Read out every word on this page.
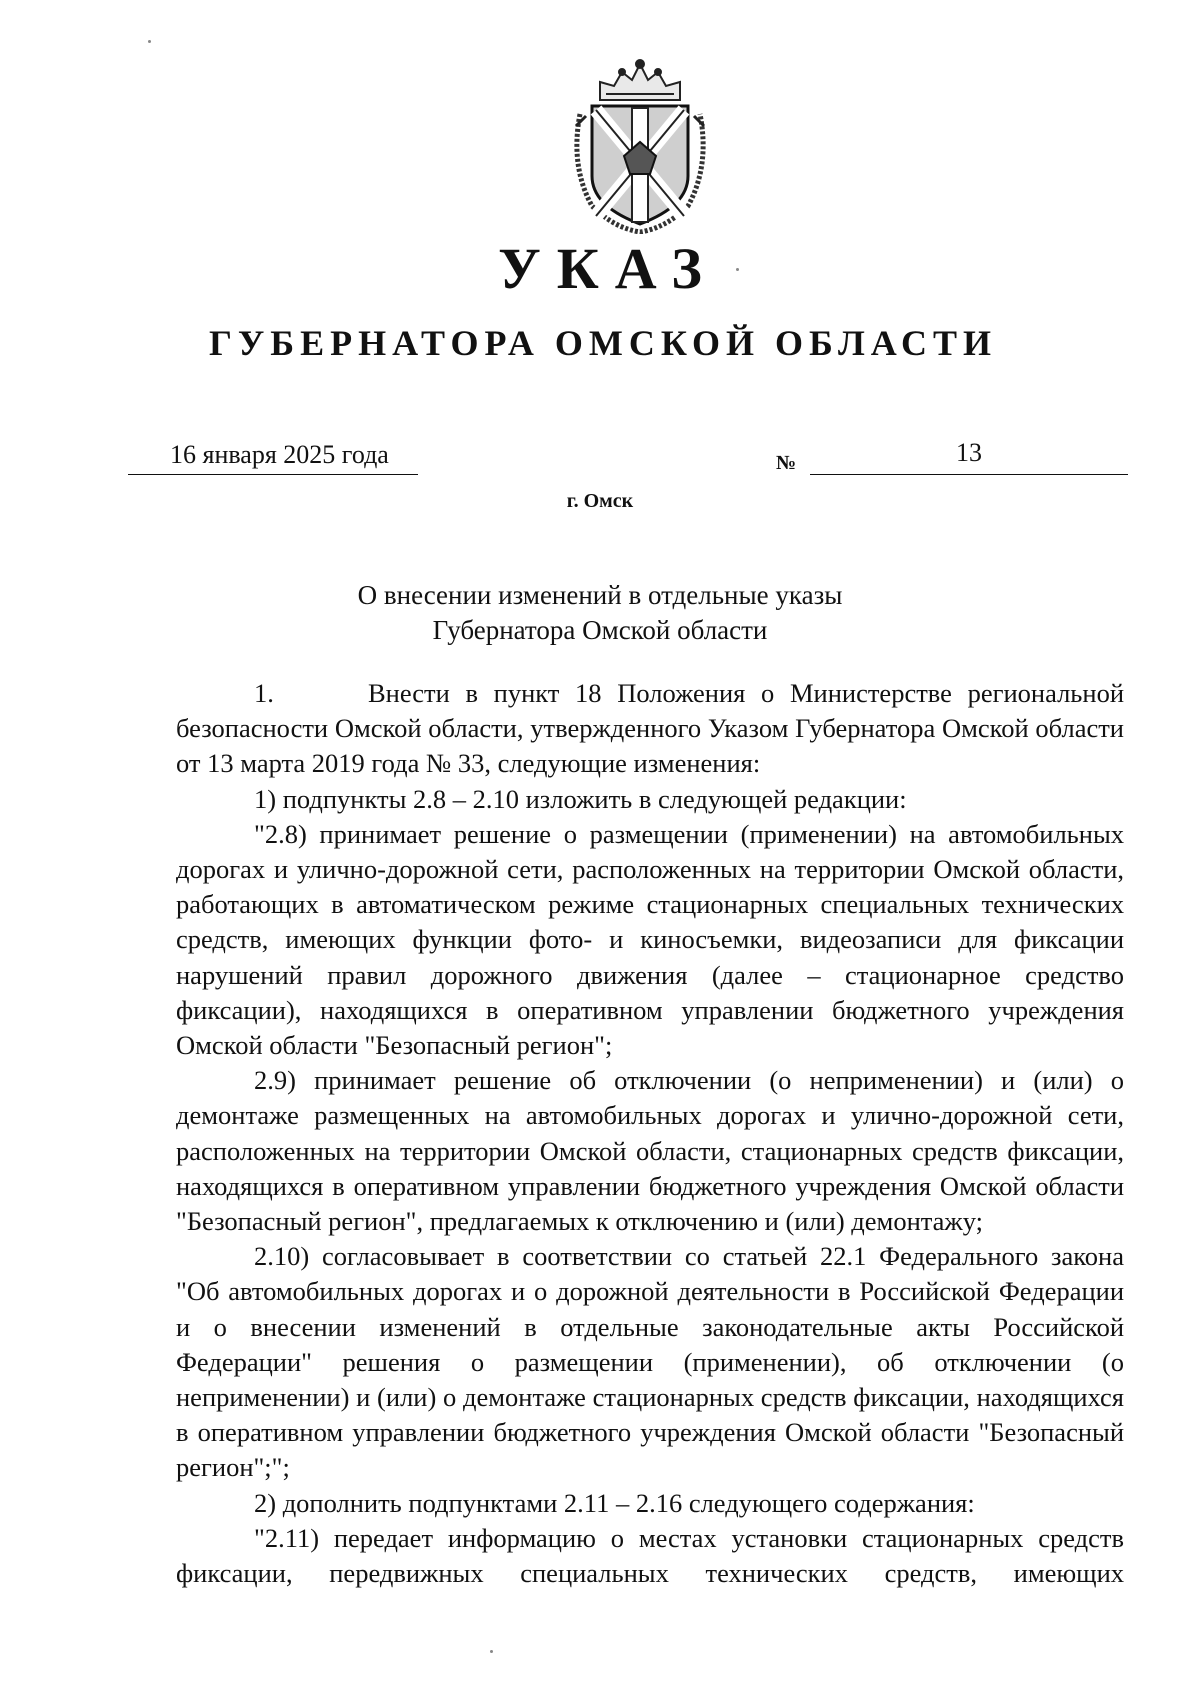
УКАЗ
ГУБЕРНАТОРА ОМСКОЙ ОБЛАСТИ
16 января 2025 года	№	13
г. Омск
О внесении изменений в отдельные указы
Губернатора Омской области

1.      Внести в пункт 18 Положения о Министерстве региональной безопасности Омской области, утвержденного Указом Губернатора Омской области от 13 марта 2019 года № 33, следующие изменения:

1) подпункты 2.8 – 2.10 изложить в следующей редакции:

"2.8) принимает решение о размещении (применении) на автомобильных дорогах и улично-дорожной сети, расположенных на территории Омской области, работающих в автоматическом режиме стационарных специальных технических средств, имеющих функции фото- и киносъемки, видеозаписи для фиксации нарушений правил дорожного движения (далее – стационарное средство фиксации), находящихся в оперативном управлении бюджетного учреждения Омской области "Безопасный регион";

2.9) принимает решение об отключении (о неприменении) и (или) о демонтаже размещенных на автомобильных дорогах и улично-дорожной сети, расположенных на территории Омской области, стационарных средств фиксации, находящихся в оперативном управлении бюджетного учреждения Омской области "Безопасный регион", предлагаемых к отключению и (или) демонтажу;

2.10) согласовывает в соответствии со статьей 22.1 Федерального закона "Об автомобильных дорогах и о дорожной деятельности в Российской Федерации и о внесении изменений в отдельные законодательные акты Российской Федерации" решения о размещении (применении), об отключении (о неприменении) и (или) о демонтаже стационарных средств фиксации, находящихся в оперативном управлении бюджетного учреждения Омской области "Безопасный регион";";

2) дополнить подпунктами 2.11 – 2.16 следующего содержания:

"2.11) передает информацию о местах установки стационарных средств фиксации, передвижных специальных технических средств, имеющих
